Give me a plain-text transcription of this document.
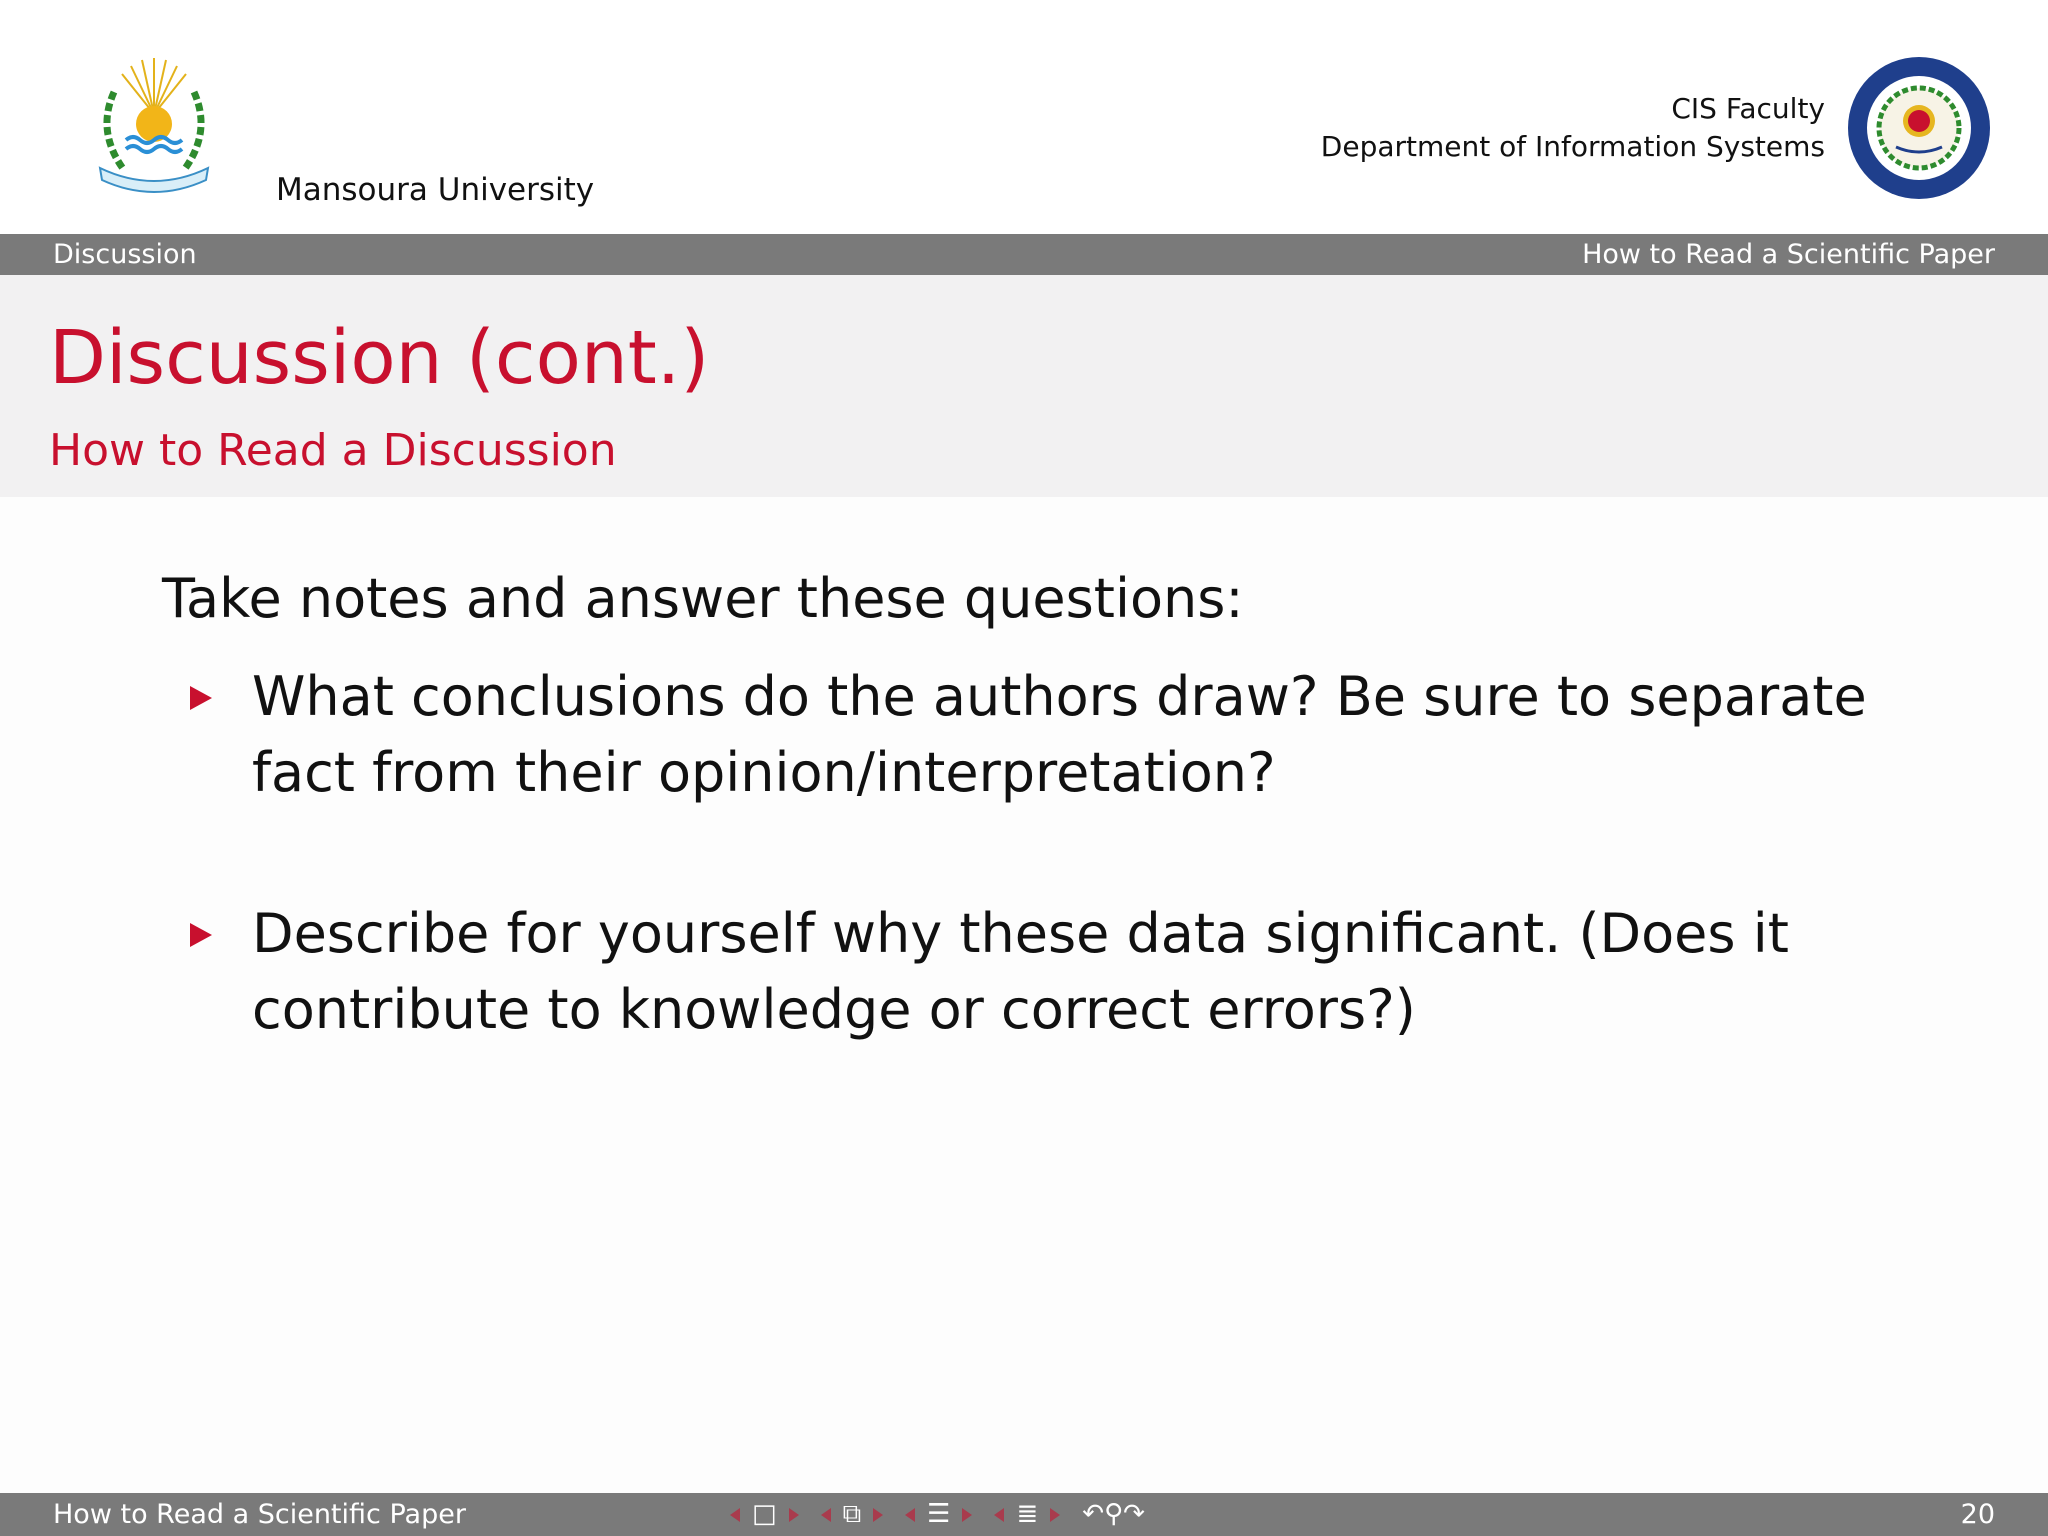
Mansoura University
CIS Faculty
Department of Information Systems
Discussion	How to Read a Scientific Paper
Discussion (cont.)
How to Read a Discussion
Take notes and answer these questions:
What conclusions do the authors draw? Be sure to separate fact from their opinion/interpretation?
Describe for yourself why these data significant. (Does it contribute to knowledge or correct errors?)
How to Read a Scientific Paper	□	⧉	☰	≣ ↶ ⚲ ↷	20
